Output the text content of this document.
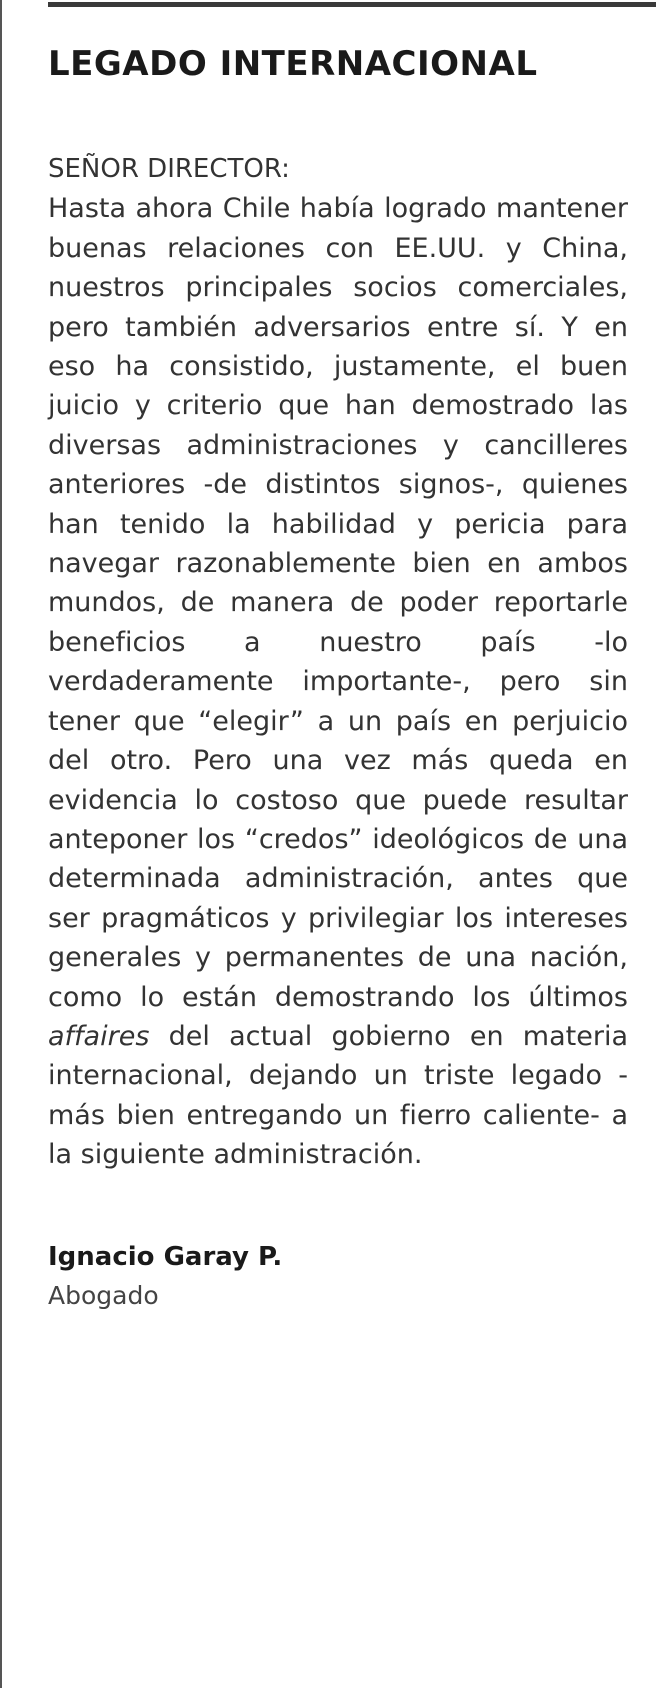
LEGADO INTERNACIONAL
SEÑOR DIRECTOR:

Hasta ahora Chile había logrado mantener buenas relaciones con EE.UU. y China, nuestros principales socios comerciales, pero también adversarios entre sí. Y en eso ha consistido, justamente, el buen juicio y criterio que han demostrado las diversas administraciones y cancilleres anteriores -de distintos signos-, quienes han tenido la habilidad y pericia para navegar razonablemente bien en ambos mundos, de manera de poder reportarle beneficios a nuestro país -lo verdaderamente importante-, pero sin tener que “elegir” a un país en perjuicio del otro. Pero una vez más queda en evidencia lo costoso que puede resultar anteponer los “credos” ideológicos de una determinada administración, antes que ser pragmáticos y privilegiar los intereses generales y permanentes de una nación, como lo están demostrando los últimos affaires del actual gobierno en materia internacional, dejando un triste legado -más bien entregando un fierro caliente- a la siguiente administración.

Ignacio Garay P.
Abogado
